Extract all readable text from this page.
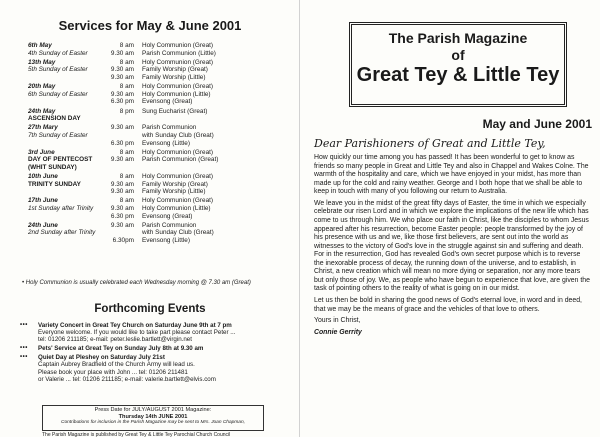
Services for May & June 2001
6th May	8 am	Holy Communion (Great)
4th Sunday of Easter	9.30 am	Parish Communion (Little)
13th May	8 am	Holy Communion (Great)
5th Sunday of Easter	9.30 am	Family Worship (Great)
9.30 am	Family Worship (Little)
20th May	8 am	Holy Communion (Great)
6th Sunday of Easter	9.30 am	Holy Communion (Little)
6.30 pm	Evensong (Great)
24th May	8 pm	Sung Eucharist (Great)
ASCENSION DAY
27th Mary	9.30 am	Parish Communion
7th Sunday of Easter	with Sunday Club (Great)
6.30 pm	Evensong (Little)
3rd June	8 am	Holy Communion (Great)
DAY OF PENTECOST	9.30 am	Parish Communion (Great)
(WHIT SUNDAY)
10th June	8 am	Holy Communion (Great)
TRINITY SUNDAY	9.30 am	Family Worship (Great)
9.30 am	Family Worship (Little)
17th June	8 am	Holy Communion (Great)
1st Sunday after Trinity	9.30 am	Holy Communion (Little)
6.30 pm	Evensong (Great)
24th June	9.30 am	Parish Communion
2nd Sunday after Trinity	with Sunday Club (Great)
6.30pm	Evensong (Little)
• Holy Communion is usually celebrated each Wednesday morning @ 7.30 am (Great)
Forthcoming Events
•••	Variety Concert in Great Tey Church on Saturday June 9th at 7 pm
Everyone welcome. If you would like to take part please contact Peter ...
tel: 01206 211185; e-mail: peter.leslie.bartlett@virgin.net
•••	Pets' Service at Great Tey on Sunday July 8th at 9.30 am
•••	Quiet Day at Pleshey on Saturday July 21st
Captain Aubrey Bradfield of the Church Army will lead us.
Please book your place with John ... tel: 01206 211481
or Valerie ... tel: 01206 211185; e-mail: valerie.bartlett@elvis.com
Press Date for JULY/AUGUST 2001 Magazine:
Thursday 14th JUNE 2001
Contributions for inclusion in the Parish Magazine may be sent to Mrs. Joan Chapman,
The Parish Magazine is published by Great Tey & Little Tey Parochial Church Council
The Parish Magazine
of
Great Tey & Little Tey
May and June 2001
Dear Parishioners of Great and Little Tey,

How quickly our time among you has passed! It has been wonderful to get to know as friends so many people in Great and Little Tey and also in Chappel and Wakes Colne. The warmth of the hospitality and care, which we have enjoyed in your midst, has more than made up for the cold and rainy weather. George and I both hope that we shall be able to keep in touch with many of you following our return to Australia.

We leave you in the midst of the great fifty days of Easter, the time in which we especially celebrate our risen Lord and in which we explore the implications of the new life which has come to us through him. We who place our faith in Christ, like the disciples to whom Jesus appeared after his resurrection, become Easter people: people transformed by the joy of his presence with us and we, like those first believers, are sent out into the world as witnesses to the victory of God's love in the struggle against sin and suffering and death. For in the resurrection, God has revealed God's own secret purpose which is to reverse the inexorable process of decay, the running down of the universe, and to establish, in Christ, a new creation which will mean no more dying or separation, nor any more tears but only those of joy. We, as people who have begun to experience that love, are given the task of pointing others to the reality of what is going on in our midst.

Let us then be bold in sharing the good news of God's eternal love, in word and in deed, that we may be the means of grace and the vehicles of that love to others.

Yours in Christ,
Connie Gerrity
